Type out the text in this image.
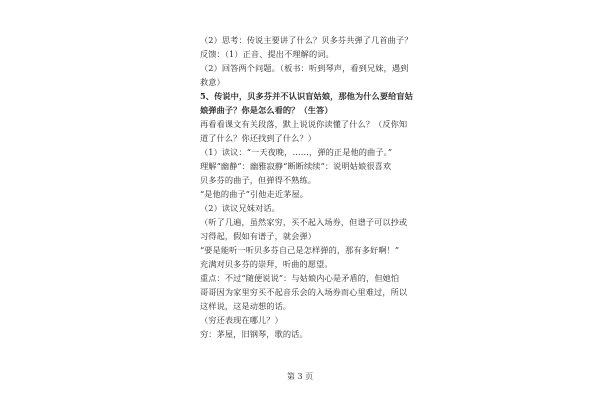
（2）思考：传说主要讲了什么？贝多芬共弹了几首曲子？
反馈：（1）正音、提出不理解的词。
（2）回答两个问题。（板书：听到琴声，看到兄妹，遇到
救意）
5、传说中，贝多芬并不认识盲姑娘，那他为什么要给盲姑
娘弹曲子？你是怎么看的？（生答）
再看看课文有关段落，默上说说你读懂了什么？（反你知
道了什么？你还找到了什么？）
（1）读议：“一天夜晚，……，弹的正是他的曲子。”
理解“幽静”：幽雅寂静“断断续续”：说明姑娘很喜欢
贝多芬的曲子，但弹得不熟练。
“是他的曲子”引他走近茅屋。
（2）读议兄妹对话。
（听了几遍，虽然家穷，买不起入场券，但谱子可以抄或
习得起，假如有谱子，就会弹）
“要是能听一听贝多芬自己是怎样弹的，那有多好啊！”
充满对贝多芬的崇拜，听曲的愿望。
重点：不过“随便说说”：与姑娘内心是矛盾的，但她怕
哥哥因为家里穷买不起音乐会的入场券而心里难过，所以
这样说，这是动想的话。
（穷还表现在哪儿？）
穷：茅屋，旧钢琴，歌的话。
第 3 页
